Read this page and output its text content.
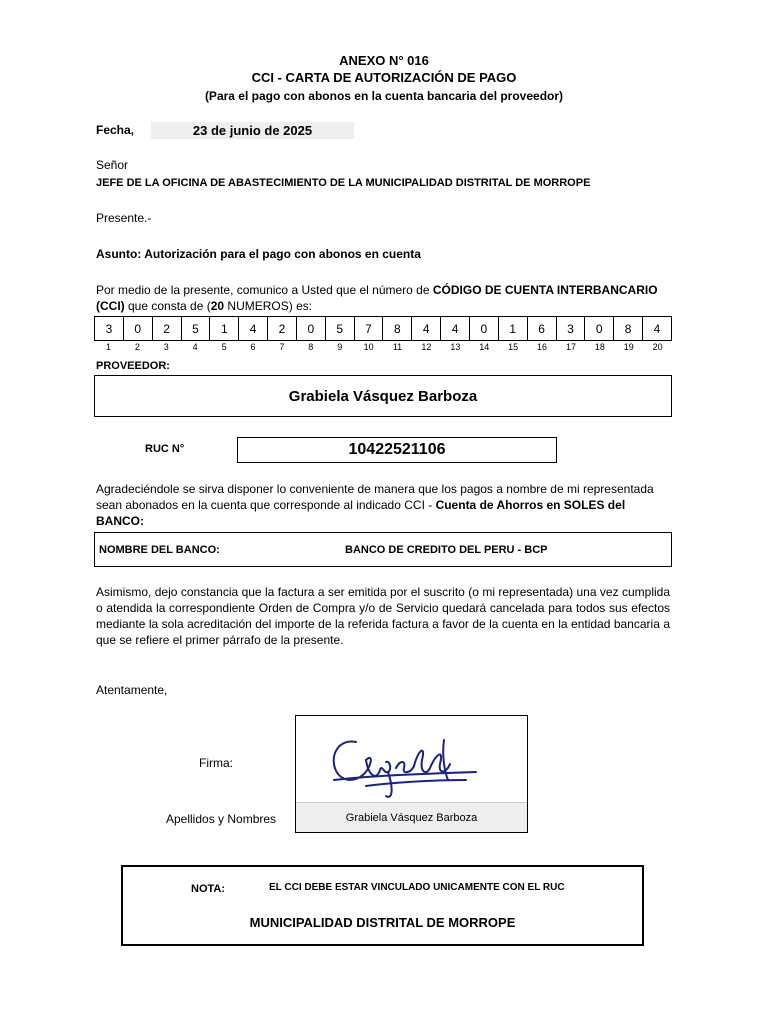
ANEXO N° 016
CCI - CARTA DE AUTORIZACIÓN DE PAGO
(Para el pago con abonos en la cuenta bancaria del proveedor)
Fecha,	23 de junio de 2025
Señor
JEFE DE LA OFICINA DE ABASTECIMIENTO DE LA MUNICIPALIDAD DISTRITAL DE MORROPE
Presente.-
Asunto: Autorización para el pago con abonos en cuenta
Por medio de la presente, comunico a Usted que el número de CÓDIGO DE CUENTA INTERBANCARIO (CCI) que consta de (20 NUMEROS) es:
3	0	2	5	1	4	2	0	5	7	8	4	4	0	1	6	3	0	8	4
1	2	3	4	5	6	7	8	9	10	11	12	13	14	15	16	17	18	19	20
PROVEEDOR:
Grabiela Vásquez Barboza
RUC N°	10422521106
Agradeciéndole se sirva disponer lo conveniente de manera que los pagos a nombre de mi representada sean abonados en la cuenta que corresponde al indicado CCI - Cuenta de Ahorros en SOLES del BANCO:
NOMBRE DEL BANCO:	BANCO DE CREDITO DEL PERU - BCP
Asimismo, dejo constancia que la factura a ser emitida por el suscrito (o mi representada) una vez cumplida o atendida la correspondiente Orden de Compra y/o de Servicio quedará cancelada para todos sus efectos mediante la sola acreditación del importe de la referida factura a favor de la cuenta en la entidad bancaria a que se refiere el primer párrafo de la presente.
Atentamente,
Firma:
Apellidos y Nombres	Grabiela Vásquez Barboza
NOTA:	EL CCI DEBE ESTAR VINCULADO UNICAMENTE CON EL RUC
MUNICIPALIDAD DISTRITAL DE MORROPE
